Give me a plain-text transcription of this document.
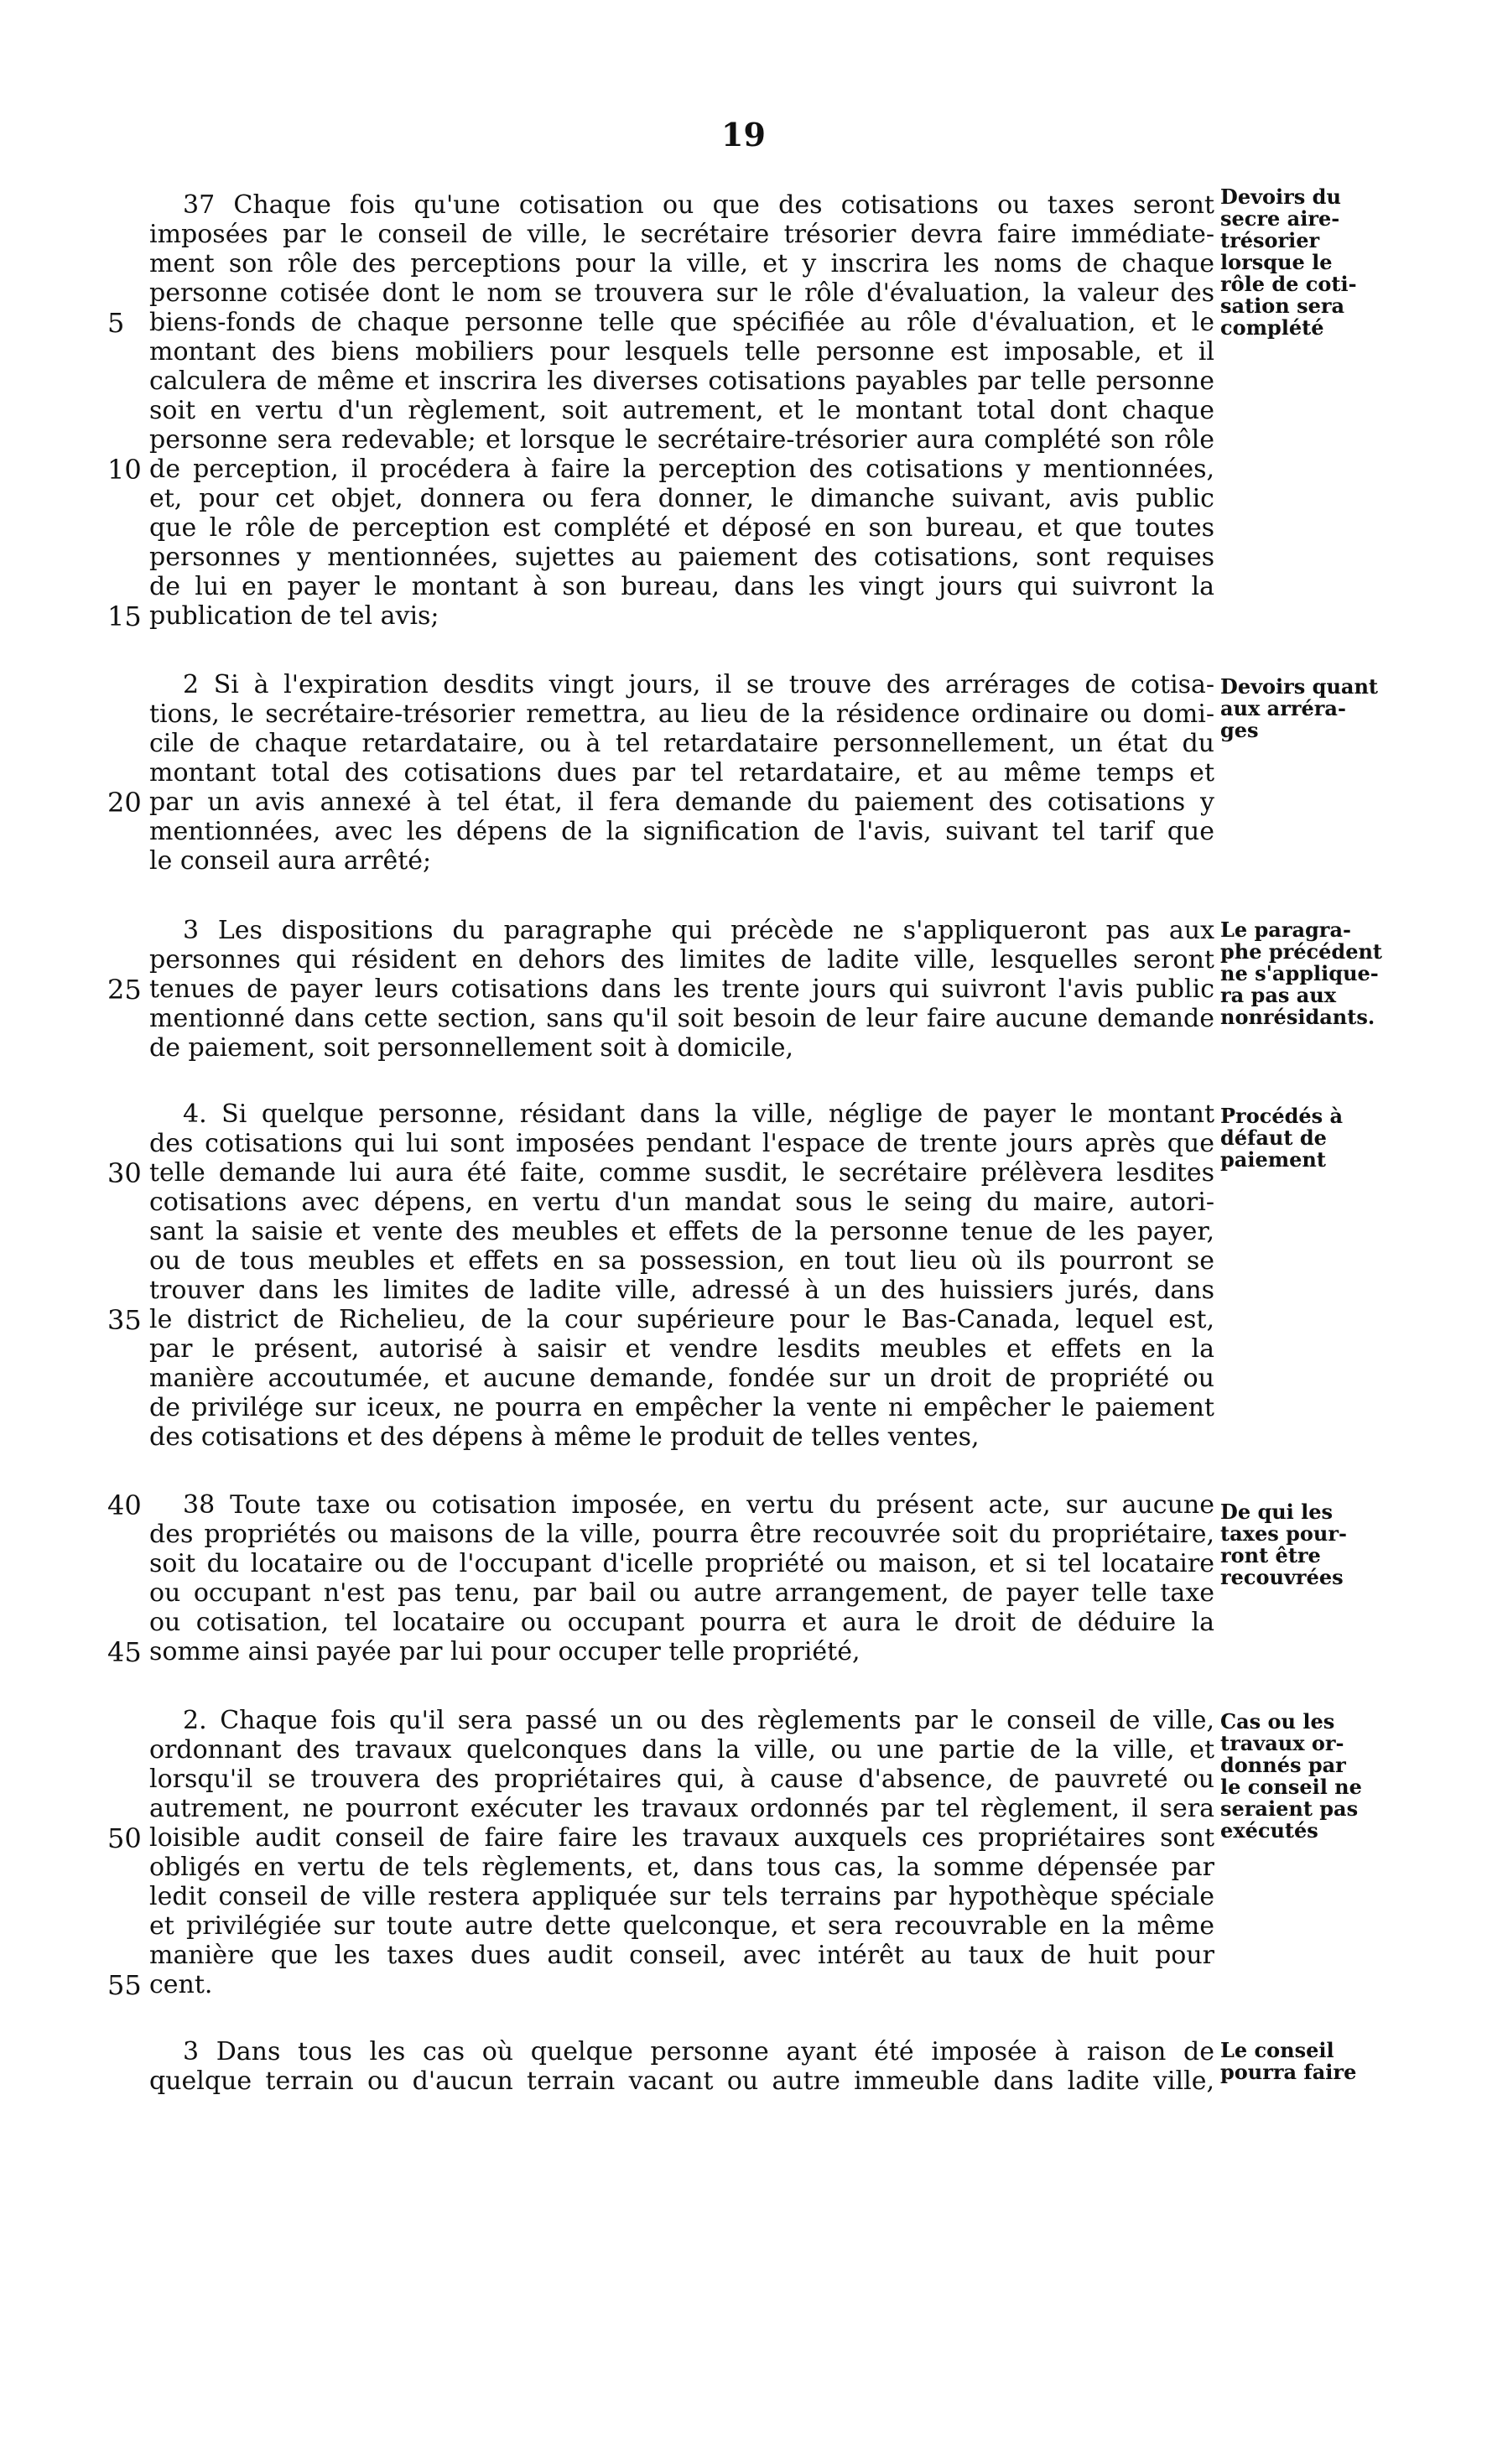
19
37 Chaque fois qu'une cotisation ou que des cotisations ou taxes seront
imposées par le conseil de ville, le secrétaire trésorier devra faire immédiate-
ment son rôle des perceptions pour la ville, et y inscrira les noms de chaque
personne cotisée dont le nom se trouvera sur le rôle d'évaluation, la valeur des
5 biens-fonds de chaque personne telle que spécifiée au rôle d'évaluation, et le
montant des biens mobiliers pour lesquels telle personne est imposable, et il
calculera de même et inscrira les diverses cotisations payables par telle personne
soit en vertu d'un règlement, soit autrement, et le montant total dont chaque
personne sera redevable; et lorsque le secrétaire-trésorier aura complété son rôle
10 de perception, il procédera à faire la perception des cotisations y mentionnées,
et, pour cet objet, donnera ou fera donner, le dimanche suivant, avis public
que le rôle de perception est complété et déposé en son bureau, et que toutes
personnes y mentionnées, sujettes au paiement des cotisations, sont requises
de lui en payer le montant à son bureau, dans les vingt jours qui suivront la
15 publication de tel avis;
Devoirs du
secre aire-
trésorier
lorsque le
rôle de coti-
sation sera
complété
2 Si à l'expiration desdits vingt jours, il se trouve des arrérages de cotisa-
tions, le secrétaire-trésorier remettra, au lieu de la résidence ordinaire ou domi-
cile de chaque retardataire, ou à tel retardataire personnellement, un état du
montant total des cotisations dues par tel retardataire, et au même temps et
20 par un avis annexé à tel état, il fera demande du paiement des cotisations y
mentionnées, avec les dépens de la signification de l'avis, suivant tel tarif que
le conseil aura arrêté;
Devoirs quant
aux arréra-
ges
3 Les dispositions du paragraphe qui précède ne s'appliqueront pas aux
personnes qui résident en dehors des limites de ladite ville, lesquelles seront
25 tenues de payer leurs cotisations dans les trente jours qui suivront l'avis public
mentionné dans cette section, sans qu'il soit besoin de leur faire aucune demande
de paiement, soit personnellement soit à domicile,
Le paragra-
phe précédent
ne s'applique-
ra pas aux
nonrésidants.
4. Si quelque personne, résidant dans la ville, néglige de payer le montant
des cotisations qui lui sont imposées pendant l'espace de trente jours après que
30 telle demande lui aura été faite, comme susdit, le secrétaire prélèvera lesdites
cotisations avec dépens, en vertu d'un mandat sous le seing du maire, autori-
sant la saisie et vente des meubles et effets de la personne tenue de les payer,
ou de tous meubles et effets en sa possession, en tout lieu où ils pourront se
trouver dans les limites de ladite ville, adressé à un des huissiers jurés, dans
35 le district de Richelieu, de la cour supérieure pour le Bas-Canada, lequel est,
par le présent, autorisé à saisir et vendre lesdits meubles et effets en la
manière accoutumée, et aucune demande, fondée sur un droit de propriété ou
de privilége sur iceux, ne pourra en empêcher la vente ni empêcher le paiement
des cotisations et des dépens à même le produit de telles ventes,
Procédés à
défaut de
paiement
40 38 Toute taxe ou cotisation imposée, en vertu du présent acte, sur aucune
des propriétés ou maisons de la ville, pourra être recouvrée soit du propriétaire,
soit du locataire ou de l'occupant d'icelle propriété ou maison, et si tel locataire
ou occupant n'est pas tenu, par bail ou autre arrangement, de payer telle taxe
ou cotisation, tel locataire ou occupant pourra et aura le droit de déduire la
45 somme ainsi payée par lui pour occuper telle propriété,
De qui les
taxes pour-
ront être
recouvrées
2. Chaque fois qu'il sera passé un ou des règlements par le conseil de ville,
ordonnant des travaux quelconques dans la ville, ou une partie de la ville, et
lorsqu'il se trouvera des propriétaires qui, à cause d'absence, de pauvreté ou
autrement, ne pourront exécuter les travaux ordonnés par tel règlement, il sera
50 loisible audit conseil de faire faire les travaux auxquels ces propriétaires sont
obligés en vertu de tels règlements, et, dans tous cas, la somme dépensée par
ledit conseil de ville restera appliquée sur tels terrains par hypothèque spéciale
et privilégiée sur toute autre dette quelconque, et sera recouvrable en la même
manière que les taxes dues audit conseil, avec intérêt au taux de huit pour
55 cent.
Cas ou les
travaux or-
donnés par
le conseil ne
seraient pas
exécutés
3 Dans tous les cas où quelque personne ayant été imposée à raison de
quelque terrain ou d'aucun terrain vacant ou autre immeuble dans ladite ville,
Le conseil
pourra faire
